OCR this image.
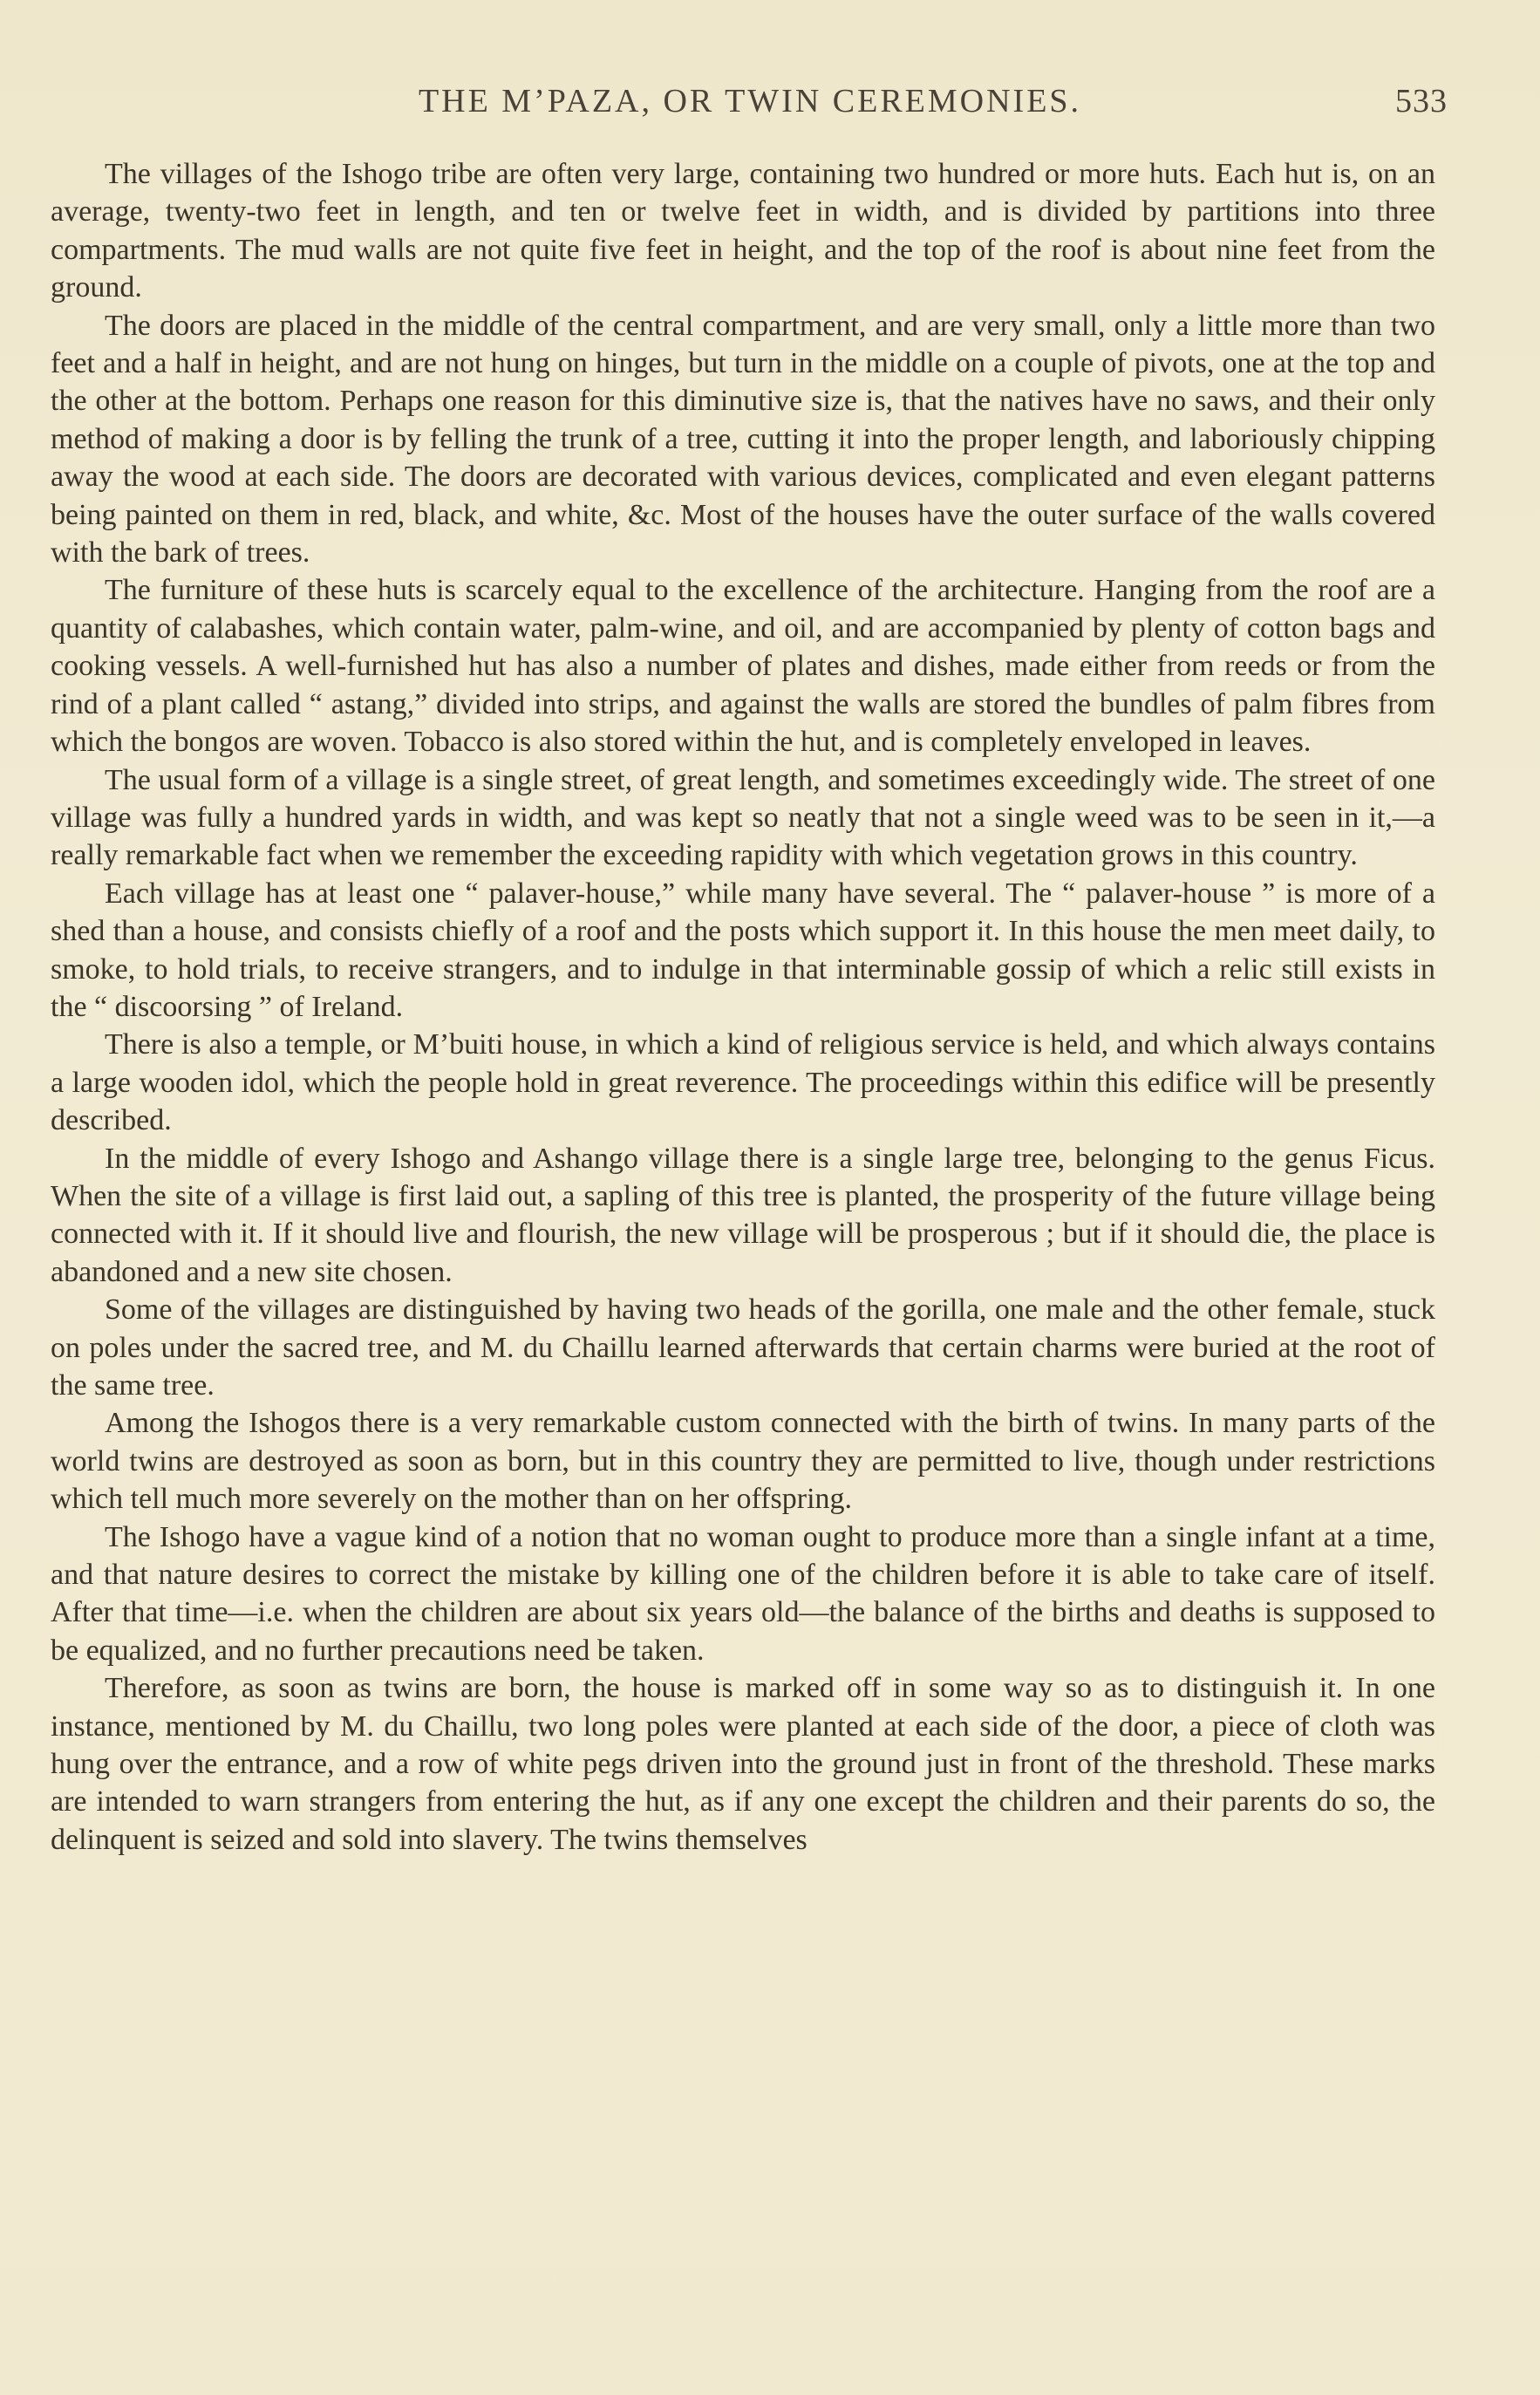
THE M’PAZA, OR TWIN CEREMONIES.	533

The villages of the Ishogo tribe are often very large, containing two hundred or more huts. Each hut is, on an average, twenty-two feet in length, and ten or twelve feet in width, and is divided by partitions into three compartments. The mud walls are not quite five feet in height, and the top of the roof is about nine feet from the ground.

The doors are placed in the middle of the central compartment, and are very small, only a little more than two feet and a half in height, and are not hung on hinges, but turn in the middle on a couple of pivots, one at the top and the other at the bottom. Perhaps one reason for this diminutive size is, that the natives have no saws, and their only method of making a door is by felling the trunk of a tree, cutting it into the proper length, and laboriously chipping away the wood at each side. The doors are decorated with various devices, complicated and even elegant patterns being painted on them in red, black, and white, &c. Most of the houses have the outer surface of the walls covered with the bark of trees.

The furniture of these huts is scarcely equal to the excellence of the architecture. Hanging from the roof are a quantity of calabashes, which contain water, palm-wine, and oil, and are accompanied by plenty of cotton bags and cooking vessels. A well-furnished hut has also a number of plates and dishes, made either from reeds or from the rind of a plant called “ astang,” divided into strips, and against the walls are stored the bundles of palm fibres from which the bongos are woven. Tobacco is also stored within the hut, and is completely enveloped in leaves.

The usual form of a village is a single street, of great length, and sometimes exceedingly wide. The street of one village was fully a hundred yards in width, and was kept so neatly that not a single weed was to be seen in it,—a really remarkable fact when we remember the exceeding rapidity with which vegetation grows in this country.

Each village has at least one “ palaver-house,” while many have several. The “ palaver-house ” is more of a shed than a house, and consists chiefly of a roof and the posts which support it. In this house the men meet daily, to smoke, to hold trials, to receive strangers, and to indulge in that interminable gossip of which a relic still exists in the “ discoorsing ” of Ireland.

There is also a temple, or M’buiti house, in which a kind of religious service is held, and which always contains a large wooden idol, which the people hold in great reverence. The proceedings within this edifice will be presently described.

In the middle of every Ishogo and Ashango village there is a single large tree, belonging to the genus Ficus. When the site of a village is first laid out, a sapling of this tree is planted, the prosperity of the future village being connected with it. If it should live and flourish, the new village will be prosperous ; but if it should die, the place is abandoned and a new site chosen.

Some of the villages are distinguished by having two heads of the gorilla, one male and the other female, stuck on poles under the sacred tree, and M. du Chaillu learned afterwards that certain charms were buried at the root of the same tree.

Among the Ishogos there is a very remarkable custom connected with the birth of twins. In many parts of the world twins are destroyed as soon as born, but in this country they are permitted to live, though under restrictions which tell much more severely on the mother than on her offspring.

The Ishogo have a vague kind of a notion that no woman ought to produce more than a single infant at a time, and that nature desires to correct the mistake by killing one of the children before it is able to take care of itself. After that time—i.e. when the children are about six years old—the balance of the births and deaths is supposed to be equalized, and no further precautions need be taken.

Therefore, as soon as twins are born, the house is marked off in some way so as to distinguish it. In one instance, mentioned by M. du Chaillu, two long poles were planted at each side of the door, a piece of cloth was hung over the entrance, and a row of white pegs driven into the ground just in front of the threshold. These marks are intended to warn strangers from entering the hut, as if any one except the children and their parents do so, the delinquent is seized and sold into slavery. The twins themselves
